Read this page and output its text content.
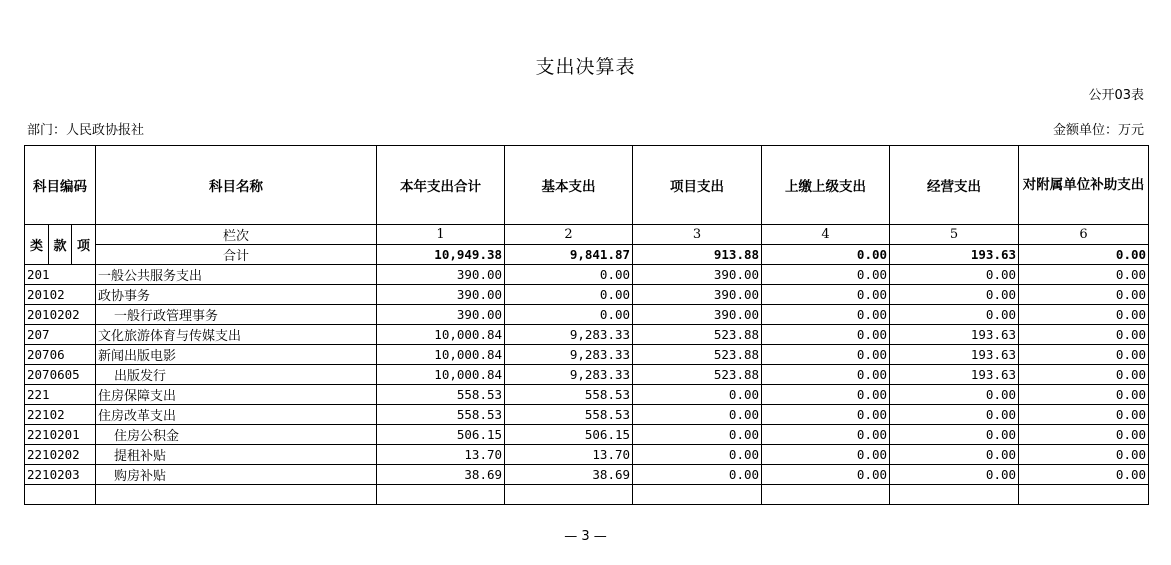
支出决算表
公开03表
部门：人民政协报社	金额单位：万元
科目编码			科目名称	本年支出合计	基本支出	项目支出	上缴上级支出	经营支出	对附属单位补助支出
类	款	项	栏次	1	2	3	4	5	6
			合计	10,949.38	9,841.87	913.88	0.00	193.63	0.00
201			一般公共服务支出	390.00	0.00	390.00	0.00	0.00	0.00
20102			政协事务	390.00	0.00	390.00	0.00	0.00	0.00
2010202			一般行政管理事务	390.00	0.00	390.00	0.00	0.00	0.00
207			文化旅游体育与传媒支出	10,000.84	9,283.33	523.88	0.00	193.63	0.00
20706			新闻出版电影	10,000.84	9,283.33	523.88	0.00	193.63	0.00
2070605			出版发行	10,000.84	9,283.33	523.88	0.00	193.63	0.00
221			住房保障支出	558.53	558.53	0.00	0.00	0.00	0.00
22102			住房改革支出	558.53	558.53	0.00	0.00	0.00	0.00
2210201			住房公积金	506.15	506.15	0.00	0.00	0.00	0.00
2210202			提租补贴	13.70	13.70	0.00	0.00	0.00	0.00
2210203			购房补贴	38.69	38.69	0.00	0.00	0.00	0.00

— 3 —
